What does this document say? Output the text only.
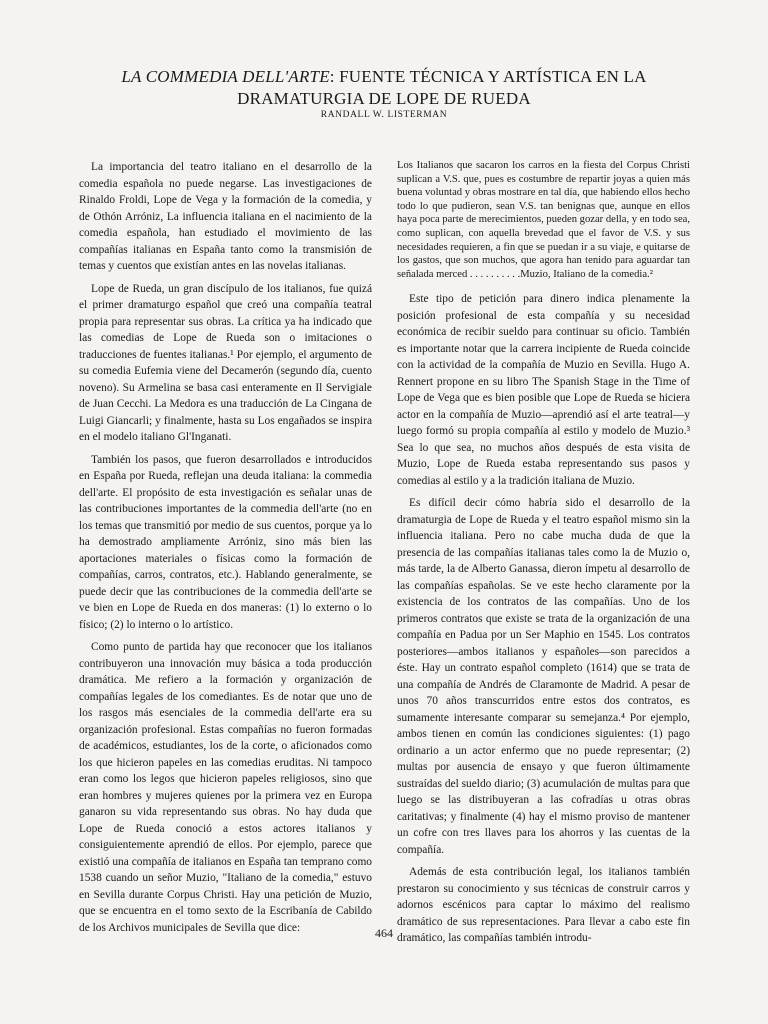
LA COMMEDIA DELL'ARTE: FUENTE TÉCNICA Y ARTÍSTICA EN LA
DRAMATURGIA DE LOPE DE RUEDA

RANDALL W. LISTERMAN

La importancia del teatro italiano en el desarrollo de la comedia española no puede negarse. Las investigaciones de Rinaldo Froldi, Lope de Vega y la formación de la comedia, y de Othón Arróniz, La influencia italiana en el nacimiento de la comedia española, han estudiado el movimiento de las compañías italianas en España tanto como la transmisión de temas y cuentos que existían antes en las novelas italianas.

Lope de Rueda, un gran discípulo de los italianos, fue quizá el primer dramaturgo español que creó una compañía teatral propia para representar sus obras. La crítica ya ha indicado que las comedias de Lope de Rueda son o imitaciones o traducciones de fuentes italianas.¹ Por ejemplo, el argumento de su comedia Eufemia viene del Decamerón (segundo día, cuento noveno). Su Armelina se basa casi enteramente en Il Servigiale de Juan Cecchi. La Medora es una traducción de La Cingana de Luigi Giancarli; y finalmente, hasta su Los engañados se inspira en el modelo italiano Gl'Inganati.

También los pasos, que fueron desarrollados e introducidos en España por Rueda, reflejan una deuda italiana: la commedia dell'arte. El propósito de esta investigación es señalar unas de las contribuciones importantes de la commedia dell'arte (no en los temas que transmitió por medio de sus cuentos, porque ya lo ha demostrado ampliamente Arróniz, sino más bien las aportaciones materiales o físicas como la formación de compañías, carros, contratos, etc.). Hablando generalmente, se puede decir que las contribuciones de la commedia dell'arte se ve bien en Lope de Rueda en dos maneras: (1) lo externo o lo físico; (2) lo interno o lo artístico.

Como punto de partida hay que reconocer que los italianos contribuyeron una innovación muy básica a toda producción dramática. Me refiero a la formación y organización de compañías legales de los comediantes. Es de notar que uno de los rasgos más esenciales de la commedia dell'arte era su organización profesional. Estas compañías no fueron formadas de académicos, estudiantes, los de la corte, o aficionados como los que hicieron papeles en las comedias eruditas. Ni tampoco eran como los legos que hicieron papeles religiosos, sino que eran hombres y mujeres quienes por la primera vez en Europa ganaron su vida representando sus obras. No hay duda que Lope de Rueda conoció a estos actores italianos y consiguientemente aprendió de ellos. Por ejemplo, parece que existió una compañía de italianos en España tan temprano como 1538 cuando un señor Muzio, "Italiano de la comedia," estuvo en Sevilla durante Corpus Christi. Hay una petición de Muzio, que se encuentra en el tomo sexto de la Escribanía de Cabildo de los Archivos municipales de Sevilla que dice:

Los Italianos que sacaron los carros en la fiesta del Corpus Christi suplican a V.S. que, pues es costumbre de repartir joyas a quien más buena voluntad y obras mostrare en tal día, que habiendo ellos hecho todo lo que pudieron, sean V.S. tan benignas que, aunque en ellos haya poca parte de merecimientos, pueden gozar della, y en todo sea, como suplican, con aquella brevedad que el favor de V.S. y sus necesidades requieren, a fin que se puedan ir a su viaje, e quitarse de los gastos, que son muchos, que agora han tenido para aguardar tan señalada merced . . . . . . . . . .Muzio, Italiano de la comedia.²

Este tipo de petición para dinero indica plenamente la posición profesional de esta compañía y su necesidad económica de recibir sueldo para continuar su oficio. También es importante notar que la carrera incipiente de Rueda coincide con la actividad de la compañía de Muzio en Sevilla. Hugo A. Rennert propone en su libro The Spanish Stage in the Time of Lope de Vega que es bien posible que Lope de Rueda se hiciera actor en la compañía de Muzio—aprendió así el arte teatral—y luego formó su propia compañía al estilo y modelo de Muzio.³ Sea lo que sea, no muchos años después de esta visita de Muzio, Lope de Rueda estaba representando sus pasos y comedias al estilo y a la tradición italiana de Muzio.

Es difícil decir cómo habría sido el desarrollo de la dramaturgia de Lope de Rueda y el teatro español mismo sin la influencia italiana. Pero no cabe mucha duda de que la presencia de las compañías italianas tales como la de Muzio o, más tarde, la de Alberto Ganassa, dieron ímpetu al desarrollo de las compañías españolas. Se ve este hecho claramente por la existencia de los contratos de las compañías. Uno de los primeros contratos que existe se trata de la organización de una compañía en Padua por un Ser Maphio en 1545. Los contratos posteriores—ambos italianos y españoles—son parecidos a éste. Hay un contrato español completo (1614) que se trata de una compañía de Andrés de Claramonte de Madrid. A pesar de unos 70 años transcurridos entre estos dos contratos, es sumamente interesante comparar su semejanza.⁴ Por ejemplo, ambos tienen en común las condiciones siguientes: (1) pago ordinario a un actor enfermo que no puede representar; (2) multas por ausencia de ensayo y que fueron últimamente sustraídas del sueldo diario; (3) acumulación de multas para que luego se las distribuyeran a las cofradías u otras obras caritativas; y finalmente (4) hay el mismo proviso de mantener un cofre con tres llaves para los ahorros y las cuentas de la compañía.

Además de esta contribución legal, los italianos también prestaron su conocimiento y sus técnicas de construir carros y adornos escénicos para captar lo máximo del realismo dramático de sus representaciones. Para llevar a cabo este fin dramático, las compañías también introdu-

464
